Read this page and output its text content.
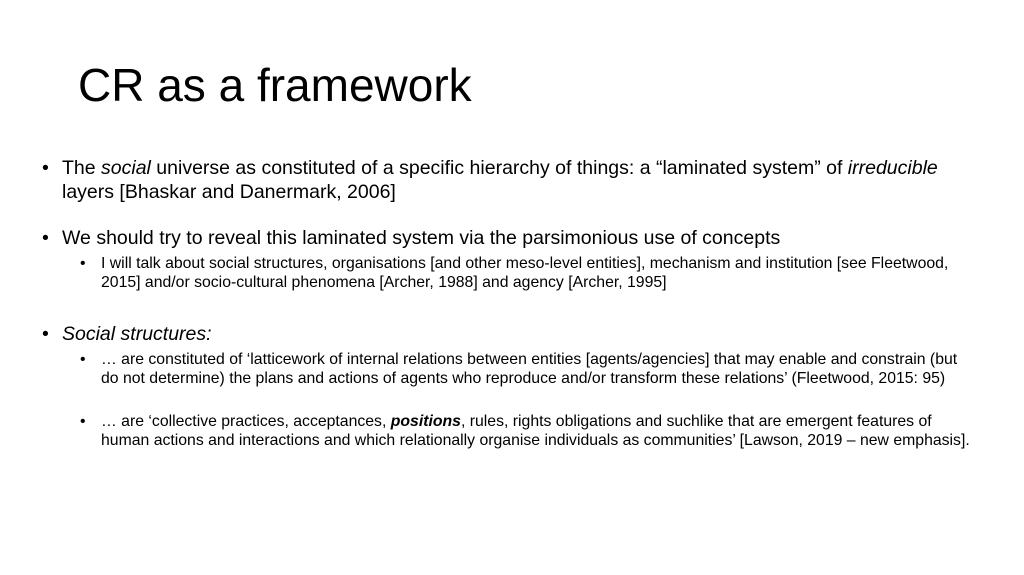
CR as a framework
• The social universe as constituted of a specific hierarchy of things: a “laminated system” of irreducible layers [Bhaskar and Danermark, 2006]
• We should try to reveal this laminated system via the parsimonious use of concepts
• I will talk about social structures, organisations [and other meso-level entities], mechanism and institution [see Fleetwood, 2015] and/or socio-cultural phenomena [Archer, 1988] and agency [Archer, 1995]
• Social structures:
• … are constituted of ‘latticework of internal relations between entities [agents/agencies] that may enable and constrain (but do not determine) the plans and actions of agents who reproduce and/or transform these relations’ (Fleetwood, 2015: 95)
• … are ‘collective practices, acceptances, positions, rules, rights obligations and suchlike that are emergent features of human actions and interactions and which relationally organise individuals as communities’ [Lawson, 2019 – new emphasis].
